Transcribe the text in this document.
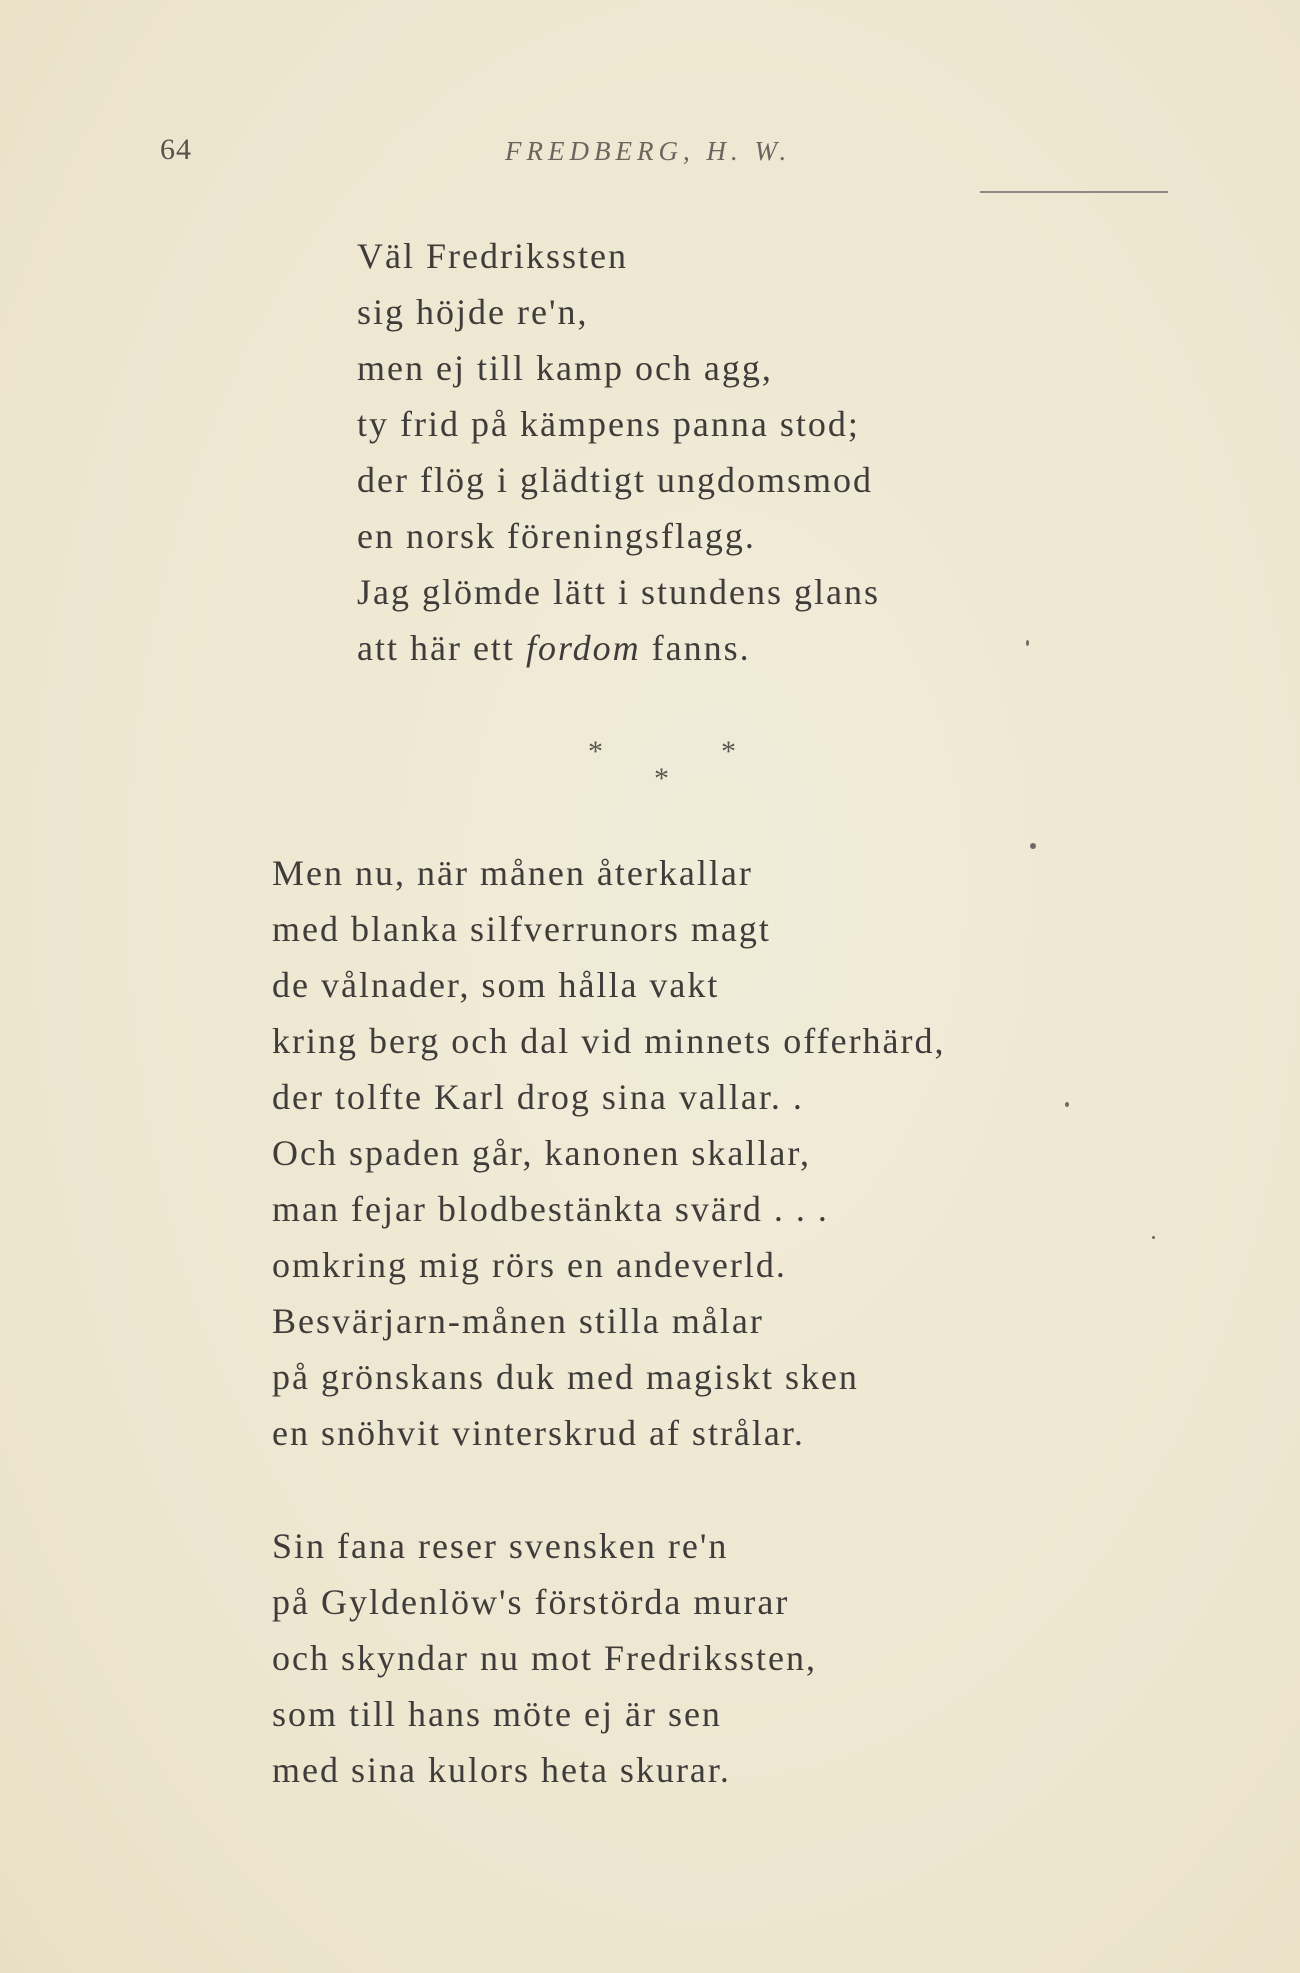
64	FREDBERG, H. W.
Väl Fredrikssten
sig höjde re'n,
men ej till kamp och agg,
ty frid på kämpens panna stod;
der flög i glädtigt ungdomsmod
en norsk föreningsflagg.
Jag glömde lätt i stundens glans
att här ett fordom fanns.
*	*
*
Men nu, när månen återkallar
med blanka silfverrunors magt
de vålnader, som hålla vakt
kring berg och dal vid minnets offerhärd,
der tolfte Karl drog sina vallar. .
Och spaden går, kanonen skallar,
man fejar blodbestänkta svärd . . .
omkring mig rörs en andeverld.
Besvärjarn-månen stilla målar
på grönskans duk med magiskt sken
en snöhvit vinterskrud af strålar.
Sin fana reser svensken re'n
på Gyldenlöw's förstörda murar
och skyndar nu mot Fredrikssten,
som till hans möte ej är sen
med sina kulors heta skurar.
